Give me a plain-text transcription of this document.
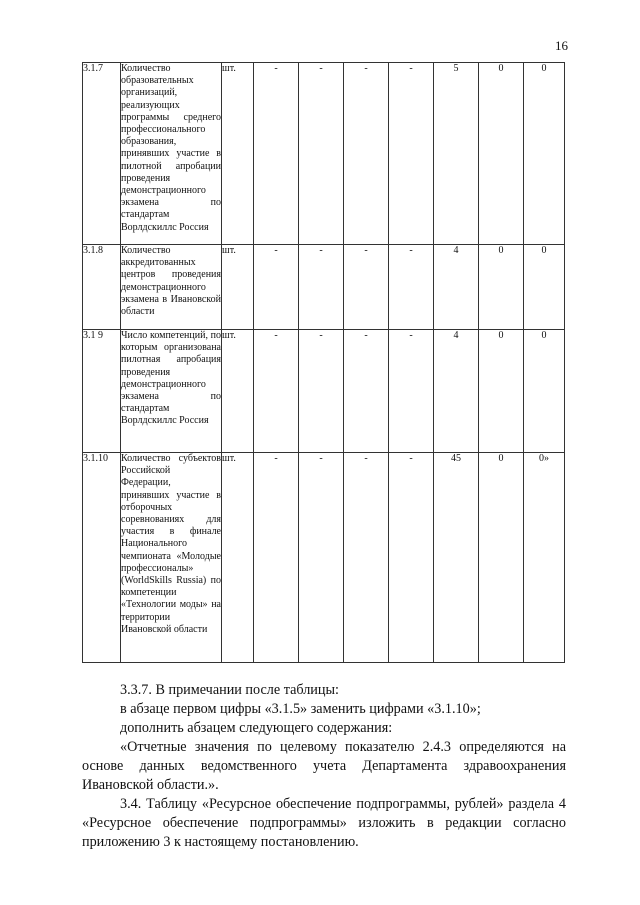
16
3.1.7	Количество образовательных организаций, реализующих программы среднего профессионального образования, принявших участие в пилотной апробации проведения демонстрационного экзамена по стандартам Ворлдскиллс Россия	шт.	-	-	-	-	5	0	0
3.1.8	Количество аккредитованных центров проведения демонстрационного экзамена в Ивановской области	шт.	-	-	-	-	4	0	0
3.1 9	Число компетенций, по которым организована пилотная апробация проведения демонстрационного экзамена по стандартам Ворлдскиллс Россия	шт.	-	-	-	-	4	0	0
3.1.10	Количество субъектов Российской Федерации, принявших участие в отборочных соревнованиях для участия в финале Национального чемпионата «Молодые профессионалы» (WorldSkills Russia) по компетенции «Технологии моды» на территории Ивановской области	шт.	-	-	-	-	45	0	0»
3.3.7. В примечании после таблицы:
в абзаце первом цифры «3.1.5» заменить цифрами «3.1.10»;
дополнить абзацем следующего содержания:
«Отчетные значения по целевому показателю 2.4.3 определяются на основе данных ведомственного учета Департамента здравоохранения Ивановской области.».
3.4. Таблицу «Ресурсное обеспечение подпрограммы, рублей» раздела 4 «Ресурсное обеспечение подпрограммы» изложить в редакции согласно приложению 3 к настоящему постановлению.
